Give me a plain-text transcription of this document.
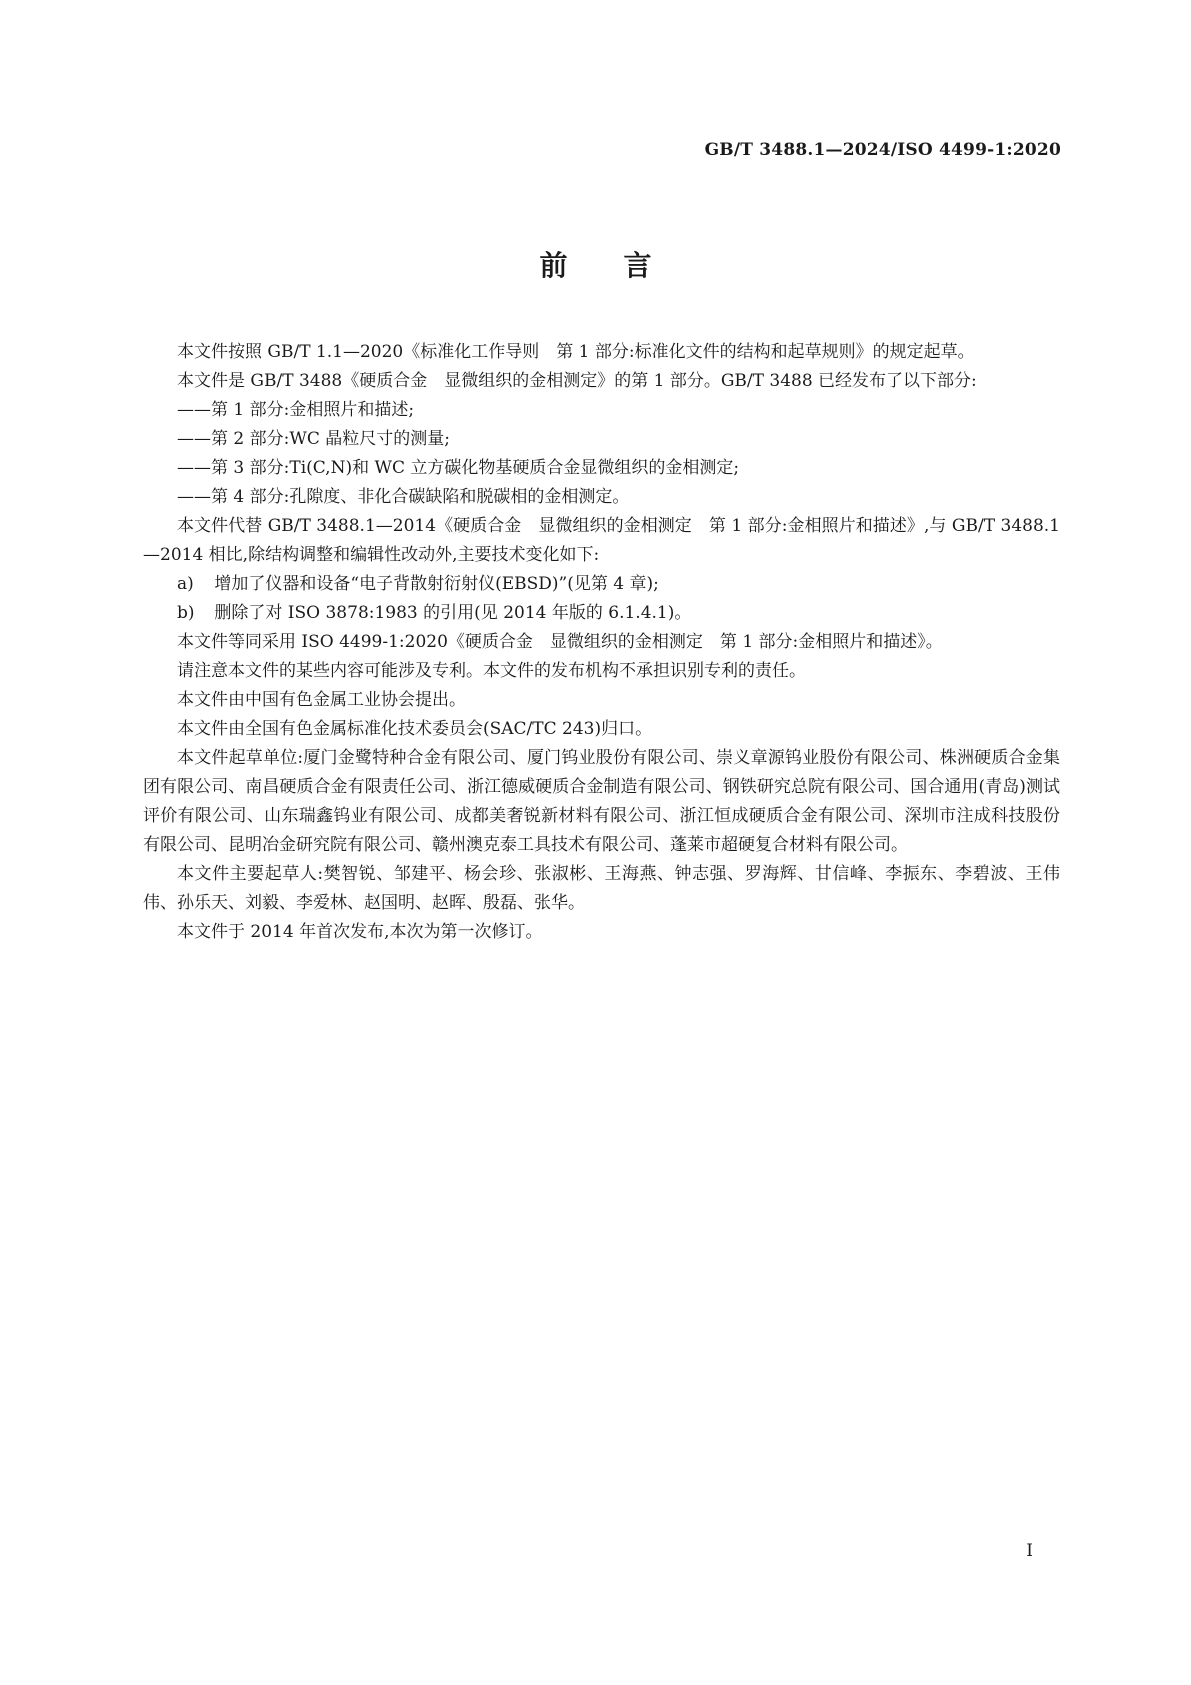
GB/T 3488.1—2024/ISO 4499-1:2020
前言

本文件按照 GB/T 1.1—2020《标准化工作导则　第 1 部分:标准化文件的结构和起草规则》的规定起草。

本文件是 GB/T 3488《硬质合金　显微组织的金相测定》的第 1 部分。GB/T 3488 已经发布了以下部分:

——第 1 部分:金相照片和描述;

——第 2 部分:WC 晶粒尺寸的测量;

——第 3 部分:Ti(C,N)和 WC 立方碳化物基硬质合金显微组织的金相测定;

——第 4 部分:孔隙度、非化合碳缺陷和脱碳相的金相测定。

本文件代替 GB/T 3488.1—2014《硬质合金　显微组织的金相测定　第 1 部分:金相照片和描述》,与 GB/T 3488.1—2014 相比,除结构调整和编辑性改动外,主要技术变化如下:

a) 增加了仪器和设备“电子背散射衍射仪(EBSD)”(见第 4 章);

b) 删除了对 ISO 3878:1983 的引用(见 2014 年版的 6.1.4.1)。

本文件等同采用 ISO 4499-1:2020《硬质合金　显微组织的金相测定　第 1 部分:金相照片和描述》。

请注意本文件的某些内容可能涉及专利。本文件的发布机构不承担识别专利的责任。

本文件由中国有色金属工业协会提出。

本文件由全国有色金属标准化技术委员会(SAC/TC 243)归口。

本文件起草单位:厦门金鹭特种合金有限公司、厦门钨业股份有限公司、崇义章源钨业股份有限公司、株洲硬质合金集团有限公司、南昌硬质合金有限责任公司、浙江德威硬质合金制造有限公司、钢铁研究总院有限公司、国合通用(青岛)测试评价有限公司、山东瑞鑫钨业有限公司、成都美奢锐新材料有限公司、浙江恒成硬质合金有限公司、深圳市注成科技股份有限公司、昆明冶金研究院有限公司、赣州澳克泰工具技术有限公司、蓬莱市超硬复合材料有限公司。

本文件主要起草人:樊智锐、邹建平、杨会珍、张淑彬、王海燕、钟志强、罗海辉、甘信峰、李振东、李碧波、王伟伟、孙乐天、刘毅、李爱林、赵国明、赵晖、殷磊、张华。

本文件于 2014 年首次发布,本次为第一次修订。

I
